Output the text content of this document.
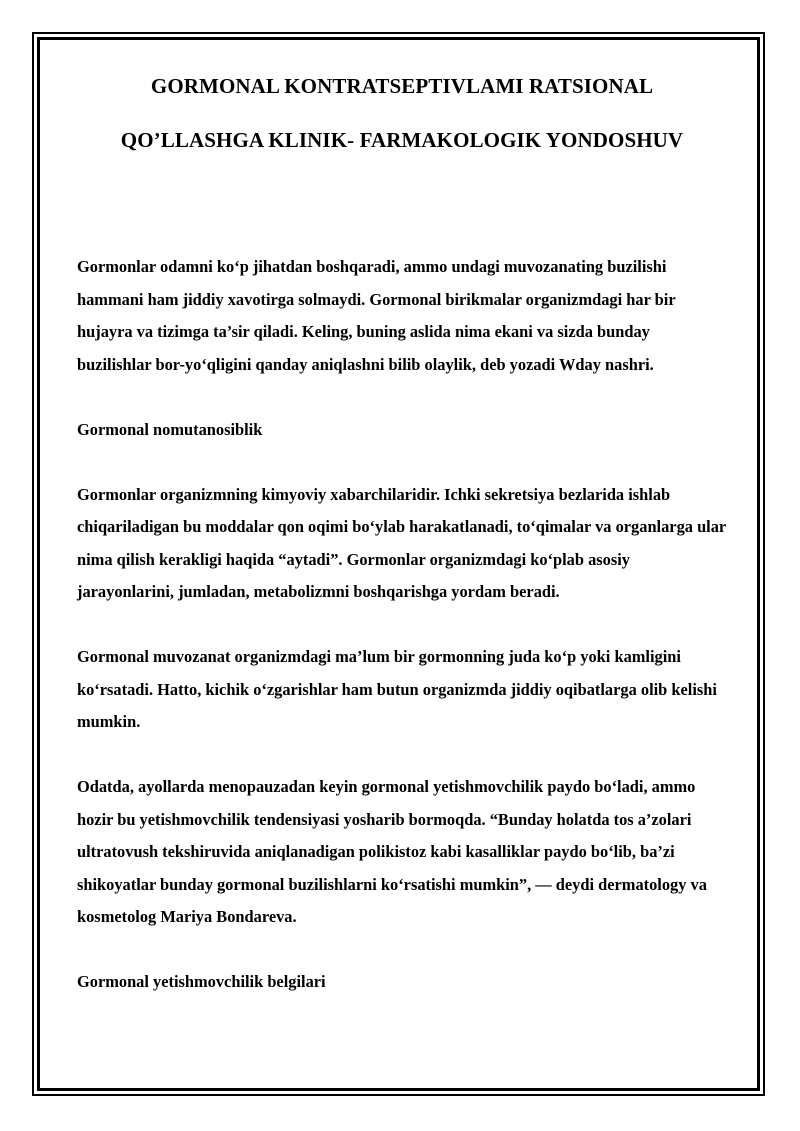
GORMONAL KONTRATSEPTIVLAMI RATSIONAL
QO’LLASHGA KLINIK- FARMAKOLOGIK YONDOSHUV

Gormonlar odamni ko‘p jihatdan boshqaradi, ammo undagi muvozanating buzilishi hammani ham jiddiy xavotirga solmaydi. Gormonal birikmalar organizmdagi har bir hujayra va tizimga ta’sir qiladi. Keling, buning aslida nima ekani va sizda bunday buzilishlar bor-yo‘qligini qanday aniqlashni bilib olaylik, deb yozadi Wday nashri.

Gormonal nomutanosiblik

Gormonlar organizmning kimyoviy xabarchilaridir. Ichki sekretsiya bezlarida ishlab chiqariladigan bu moddalar qon oqimi bo‘ylab harakatlanadi, to‘qimalar va organlarga ular nima qilish kerakligi haqida “aytadi”. Gormonlar organizmdagi ko‘plab asosiy jarayonlarini, jumladan, metabolizmni boshqarishga yordam beradi.

Gormonal muvozanat organizmdagi ma’lum bir gormonning juda ko‘p yoki kamligini ko‘rsatadi. Hatto, kichik o‘zgarishlar ham butun organizmda jiddiy oqibatlarga olib kelishi mumkin.

Odatda, ayollarda menopauzadan keyin gormonal yetishmovchilik paydo bo‘ladi, ammo hozir bu yetishmovchilik tendensiyasi yosharib bormoqda. “Bunday holatda tos a’zolari ultratovush tekshiruvida aniqlanadigan polikistoz kabi kasalliklar paydo bo‘lib, ba’zi shikoyatlar bunday gormonal buzilishlarni ko‘rsatishi mumkin”, — deydi dermatology va kosmetolog Mariya Bondareva.

Gormonal yetishmovchilik belgilari
